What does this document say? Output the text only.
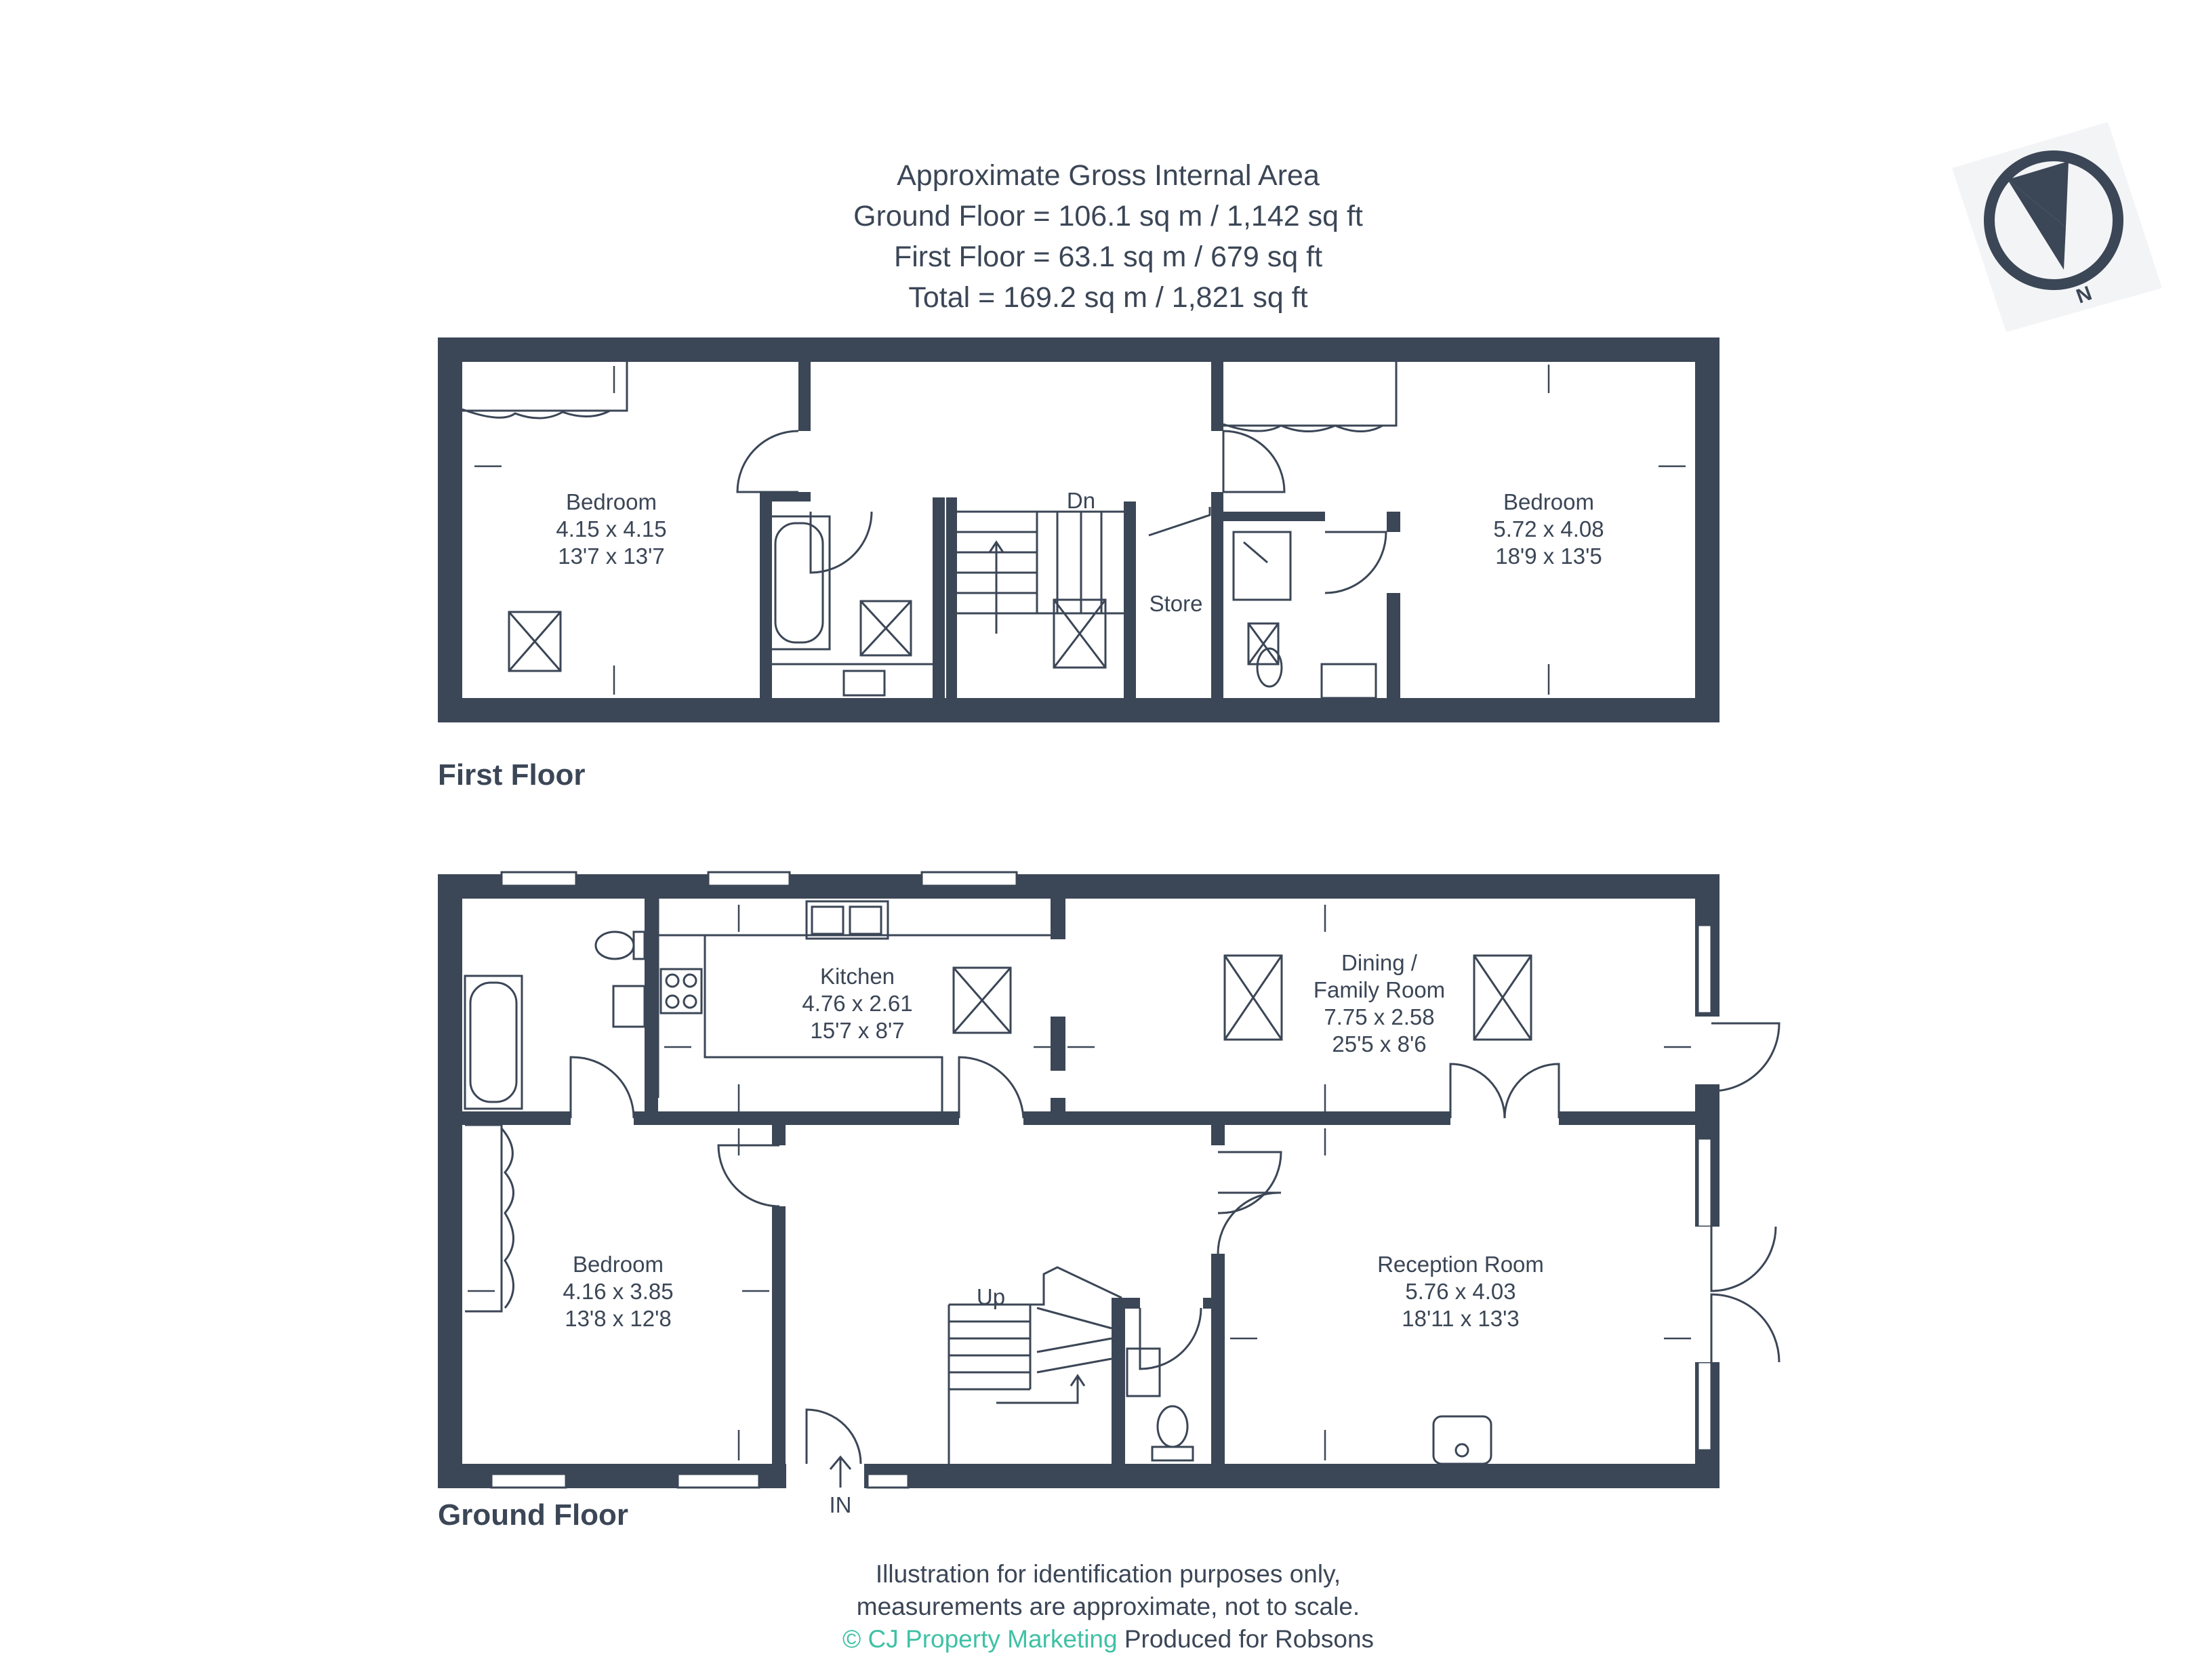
Approximate Gross Internal Area
Ground Floor = 106.1 sq m / 1,142 sq ft
First Floor = 63.1 sq m / 679 sq ft
Total = 169.2 sq m / 1,821 sq ft	N
Bedroom
4.15 x 4.15
13'7 x 13'7
Bedroom
5.72 x 4.08
18'9 x 13'5
Dn
Store
First Floor
Kitchen
4.76 x 2.61
15'7 x 8'7
Dining /
Family Room
7.75 x 2.58
25'5 x 8'6
Bedroom
4.16 x 3.85
13'8 x 12'8
Reception Room
5.76 x 4.03
18'11 x 13'3
Up
IN
Ground Floor
Illustration for identification purposes only,
measurements are approximate, not to scale.
© CJ Property Marketing Produced for Robsons
